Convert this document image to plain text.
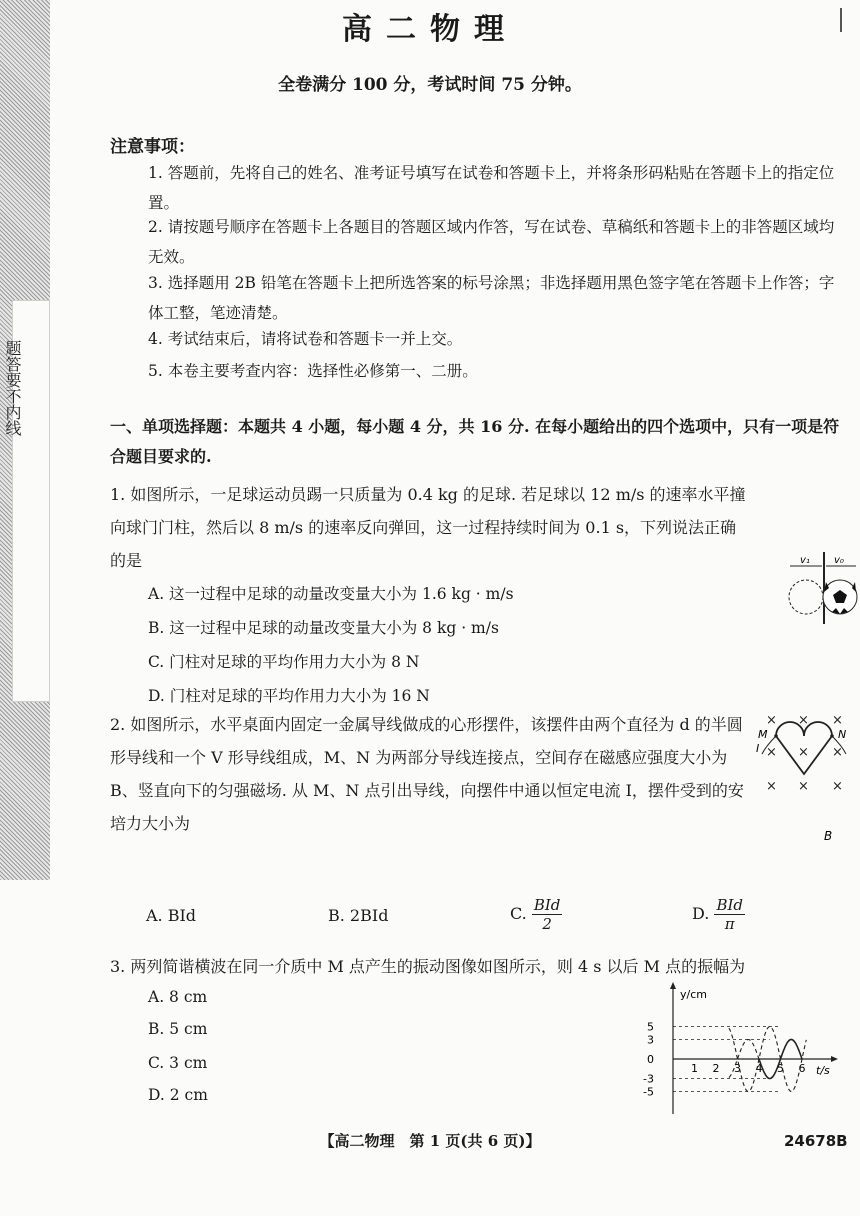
高二物理
全卷满分 100 分，考试时间 75 分钟。
注意事项：
1. 答题前，先将自己的姓名、准考证号填写在试卷和答题卡上，并将条形码粘贴在答题卡上的指定位置。
2. 请按题号顺序在答题卡上各题目的答题区域内作答，写在试卷、草稿纸和答题卡上的非答题区域均无效。
3. 选择题用 2B 铅笔在答题卡上把所选答案的标号涂黑；非选择题用黑色签字笔在答题卡上作答；字体工整，笔迹清楚。
4. 考试结束后，请将试卷和答题卡一并上交。
5. 本卷主要考查内容：选择性必修第一、二册。
一、单项选择题：本题共 4 小题，每小题 4 分，共 16 分. 在每小题给出的四个选项中，只有一项是符合题目要求的.
1. 如图所示，一足球运动员踢一只质量为 0.4 kg 的足球. 若足球以 12 m/s 的速率水平撞向球门门柱，然后以 8 m/s 的速率反向弹回，这一过程持续时间为 0.1 s，下列说法正确的是
A. 这一过程中足球的动量改变量大小为 1.6 kg · m/s
B. 这一过程中足球的动量改变量大小为 8 kg · m/s
C. 门柱对足球的平均作用力大小为 8 N
D. 门柱对足球的平均作用力大小为 16 N
v₁ v₀
2. 如图所示，水平桌面内固定一金属导线做成的心形摆件，该摆件由两个直径为 d 的半圆形导线和一个 V 形导线组成，M、N 为两部分导线连接点，空间存在磁感应强度大小为 B、竖直向下的匀强磁场. 从 M、N 点引出导线，向摆件中通以恒定电流 I，摆件受到的安培力大小为
× × ×
× × ×
× × ×
M	N
I
B
A. BId	B. 2BId	C. $\frac{\text{BId}}{2}$	D. $\frac{\text{BId}}{\pi}$
3. 两列简谐横波在同一介质中 M 点产生的振动图像如图所示，则 4 s 以后 M 点的振幅为
A. 8 cm
B. 5 cm
C. 3 cm
D. 2 cm
y/cm
t/s
5
3
0
-3
-5
1 2 3 4 5 6
【高二物理　第 1 页(共 6 页)】	24678B
